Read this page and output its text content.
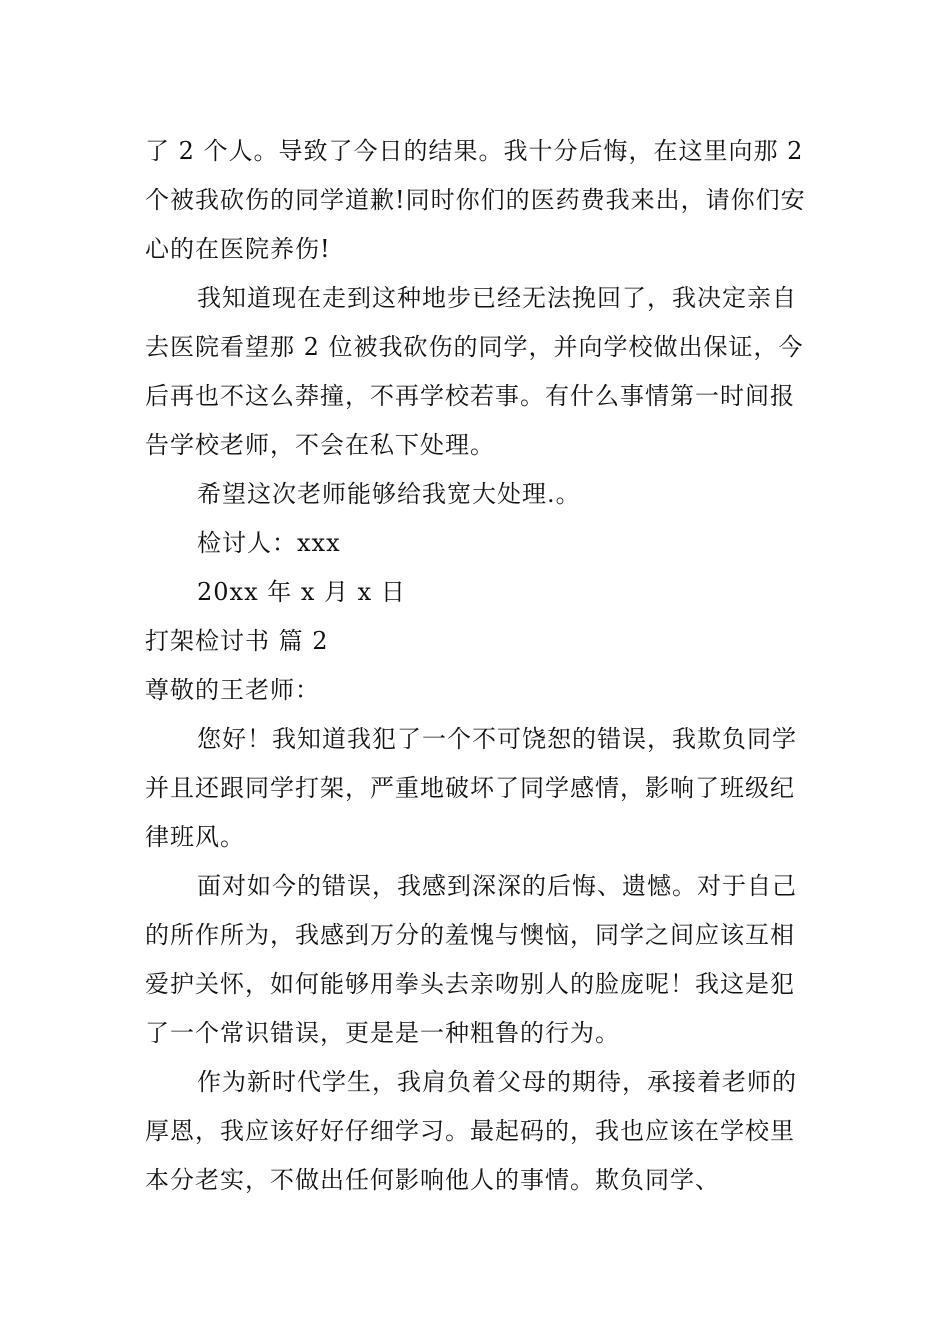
了 2 个人。导致了今日的结果。我十分后悔，在这里向那 2 个被我砍伤的同学道歉!同时你们的医药费我来出，请你们安心的在医院养伤!

我知道现在走到这种地步已经无法挽回了，我决定亲自去医院看望那 2 位被我砍伤的同学，并向学校做出保证，今后再也不这么莽撞，不再学校若事。有什么事情第一时间报告学校老师，不会在私下处理。

希望这次老师能够给我宽大处理.。

检讨人：xxx

20xx 年 x 月 x 日

打架检讨书 篇 2

尊敬的王老师：

您好！我知道我犯了一个不可饶恕的错误，我欺负同学并且还跟同学打架，严重地破坏了同学感情，影响了班级纪律班风。

面对如今的错误，我感到深深的后悔、遗憾。对于自己的所作所为，我感到万分的羞愧与懊恼，同学之间应该互相爱护关怀，如何能够用拳头去亲吻别人的脸庞呢！我这是犯了一个常识错误，更是是一种粗鲁的行为。

作为新时代学生，我肩负着父母的期待，承接着老师的厚恩，我应该好好仔细学习。最起码的，我也应该在学校里本分老实，不做出任何影响他人的事情。欺负同学、
